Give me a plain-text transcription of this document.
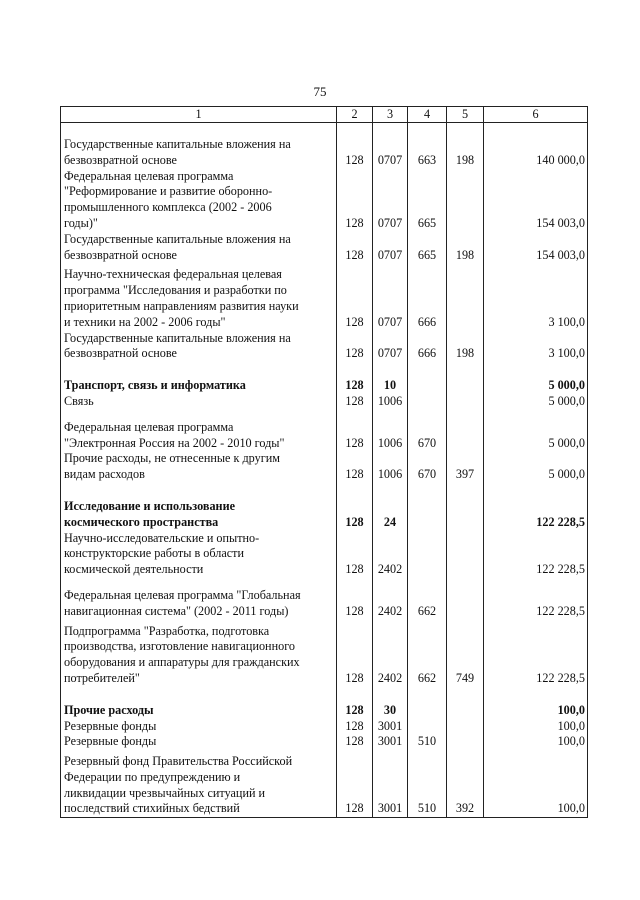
75
1	2	3	4	5	6

Государственные капитальные вложения на
безвозвратной основе	128	0707	663	198	140 000,0
Федеральная целевая программа
"Реформирование и развитие оборонно-
промышленного комплекса (2002 - 2006
годы)"	128	0707	665		154 003,0
Государственные капитальные вложения на
безвозвратной основе	128	0707	665	198	154 003,0

Научно-техническая федеральная целевая
программа "Исследования и разработки по
приоритетным направлениям развития науки
и техники на 2002 - 2006 годы"	128	0707	666		3 100,0
Государственные капитальные вложения на
безвозвратной основе	128	0707	666	198	3 100,0

Транспорт, связь и информатика	128	10			5 000,0
Связь	128	1006			5 000,0

Федеральная целевая программа
"Электронная Россия на 2002 - 2010 годы"	128	1006	670		5 000,0
Прочие расходы, не отнесенные к другим
видам расходов	128	1006	670	397	5 000,0

Исследование и использование
космического пространства	128	24			122 228,5
Научно-исследовательские и опытно-
конструкторские работы в области
космической деятельности	128	2402			122 228,5

Федеральная целевая программа "Глобальная
навигационная система" (2002 - 2011 годы)	128	2402	662		122 228,5

Подпрограмма "Разработка, подготовка
производства, изготовление навигационного
оборудования и аппаратуры для гражданских
потребителей"	128	2402	662	749	122 228,5

Прочие расходы	128	30			100,0
Резервные фонды	128	3001			100,0
Резервные фонды	128	3001	510		100,0

Резервный фонд Правительства Российской
Федерации по предупреждению и
ликвидации чрезвычайных ситуаций и
последствий стихийных бедствий	128	3001	510	392	100,0
